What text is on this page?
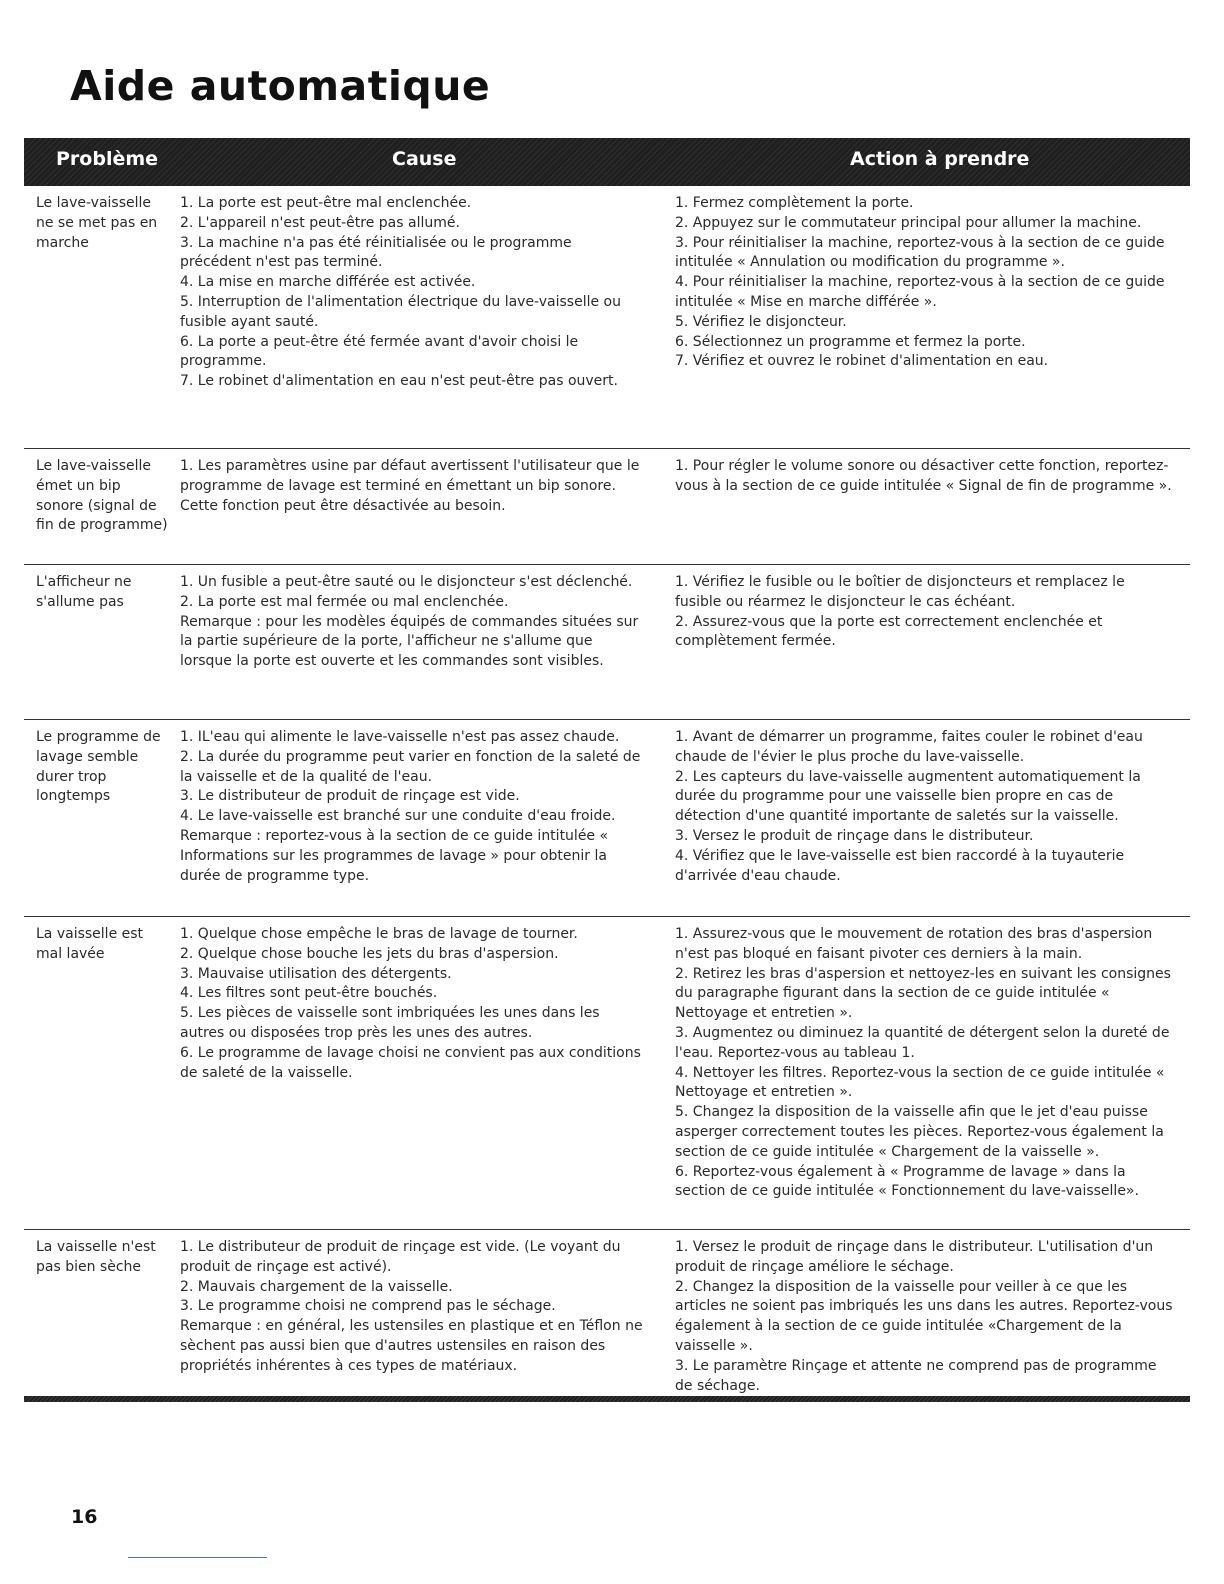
Aide automatique
Problème	Cause	Action à prendre
Le lave-vaisselle ne se met pas en marche
1. La porte est peut-être mal enclenchée.
2. L'appareil n'est peut-être pas allumé.
3. La machine n'a pas été réinitialisée ou le programme précédent n'est pas terminé.
4. La mise en marche différée est activée.
5. Interruption de l'alimentation électrique du lave-vaisselle ou fusible ayant sauté.
6. La porte a peut-être été fermée avant d'avoir choisi le programme.
7. Le robinet d'alimentation en eau n'est peut-être pas ouvert.
1. Fermez complètement la porte.
2. Appuyez sur le commutateur principal pour allumer la machine.
3. Pour réinitialiser la machine, reportez-vous à la section de ce guide intitulée « Annulation ou modification du programme ».
4. Pour réinitialiser la machine, reportez-vous à la section de ce guide intitulée « Mise en marche différée ».
5. Vérifiez le disjoncteur.
6. Sélectionnez un programme et fermez la porte.
7. Vérifiez et ouvrez le robinet d'alimentation en eau.
Le lave-vaisselle émet un bip sonore (signal de fin de programme)
1. Les paramètres usine par défaut avertissent l'utilisateur que le programme de lavage est terminé en émettant un bip sonore. Cette fonction peut être désactivée au besoin.
1. Pour régler le volume sonore ou désactiver cette fonction, reportez-vous à la section de ce guide intitulée « Signal de fin de programme ».
L'afficheur ne s'allume pas
1. Un fusible a peut-être sauté ou le disjoncteur s'est déclenché.
2. La porte est mal fermée ou mal enclenchée.
Remarque : pour les modèles équipés de commandes situées sur la partie supérieure de la porte, l'afficheur ne s'allume que lorsque la porte est ouverte et les commandes sont visibles.
1. Vérifiez le fusible ou le boîtier de disjoncteurs et remplacez le fusible ou réarmez le disjoncteur le cas échéant.
2. Assurez-vous que la porte est correctement enclenchée et complètement fermée.
Le programme de lavage semble durer trop longtemps
1. IL'eau qui alimente le lave-vaisselle n'est pas assez chaude.
2. La durée du programme peut varier en fonction de la saleté de la vaisselle et de la qualité de l'eau.
3. Le distributeur de produit de rinçage est vide.
4. Le lave-vaisselle est branché sur une conduite d'eau froide.
Remarque : reportez-vous à la section de ce guide intitulée « Informations sur les programmes de lavage » pour obtenir la durée de programme type.
1. Avant de démarrer un programme, faites couler le robinet d'eau chaude de l'évier le plus proche du lave-vaisselle.
2. Les capteurs du lave-vaisselle augmentent automatiquement la durée du programme pour une vaisselle bien propre en cas de détection d'une quantité importante de saletés sur la vaisselle.
3. Versez le produit de rinçage dans le distributeur.
4. Vérifiez que le lave-vaisselle est bien raccordé à la tuyauterie d'arrivée d'eau chaude.
La vaisselle est mal lavée
1. Quelque chose empêche le bras de lavage de tourner.
2. Quelque chose bouche les jets du bras d'aspersion.
3. Mauvaise utilisation des détergents.
4. Les filtres sont peut-être bouchés.
5. Les pièces de vaisselle sont imbriquées les unes dans les autres ou disposées trop près les unes des autres.
6. Le programme de lavage choisi ne convient pas aux conditions de saleté de la vaisselle.
1. Assurez-vous que le mouvement de rotation des bras d'aspersion n'est pas bloqué en faisant pivoter ces derniers à la main.
2. Retirez les bras d'aspersion et nettoyez-les en suivant les consignes du paragraphe figurant dans la section de ce guide intitulée « Nettoyage et entretien ».
3. Augmentez ou diminuez la quantité de détergent selon la dureté de l'eau. Reportez-vous au tableau 1.
4. Nettoyer les filtres. Reportez-vous la section de ce guide intitulée « Nettoyage et entretien ».
5. Changez la disposition de la vaisselle afin que le jet d'eau puisse asperger correctement toutes les pièces. Reportez-vous également la section de ce guide intitulée « Chargement de la vaisselle ».
6. Reportez-vous également à « Programme de lavage » dans la section de ce guide intitulée « Fonctionnement du lave-vaisselle».
La vaisselle n'est pas bien sèche
1. Le distributeur de produit de rinçage est vide. (Le voyant du produit de rinçage est activé).
2. Mauvais chargement de la vaisselle.
3. Le programme choisi ne comprend pas le séchage.
Remarque : en général, les ustensiles en plastique et en Téflon ne sèchent pas aussi bien que d'autres ustensiles en raison des propriétés inhérentes à ces types de matériaux.
1. Versez le produit de rinçage dans le distributeur. L'utilisation d'un produit de rinçage améliore le séchage.
2. Changez la disposition de la vaisselle pour veiller à ce que les articles ne soient pas imbriqués les uns dans les autres. Reportez-vous également à la section de ce guide intitulée «Chargement de la vaisselle ».
3. Le paramètre Rinçage et attente ne comprend pas de programme de séchage.
16
